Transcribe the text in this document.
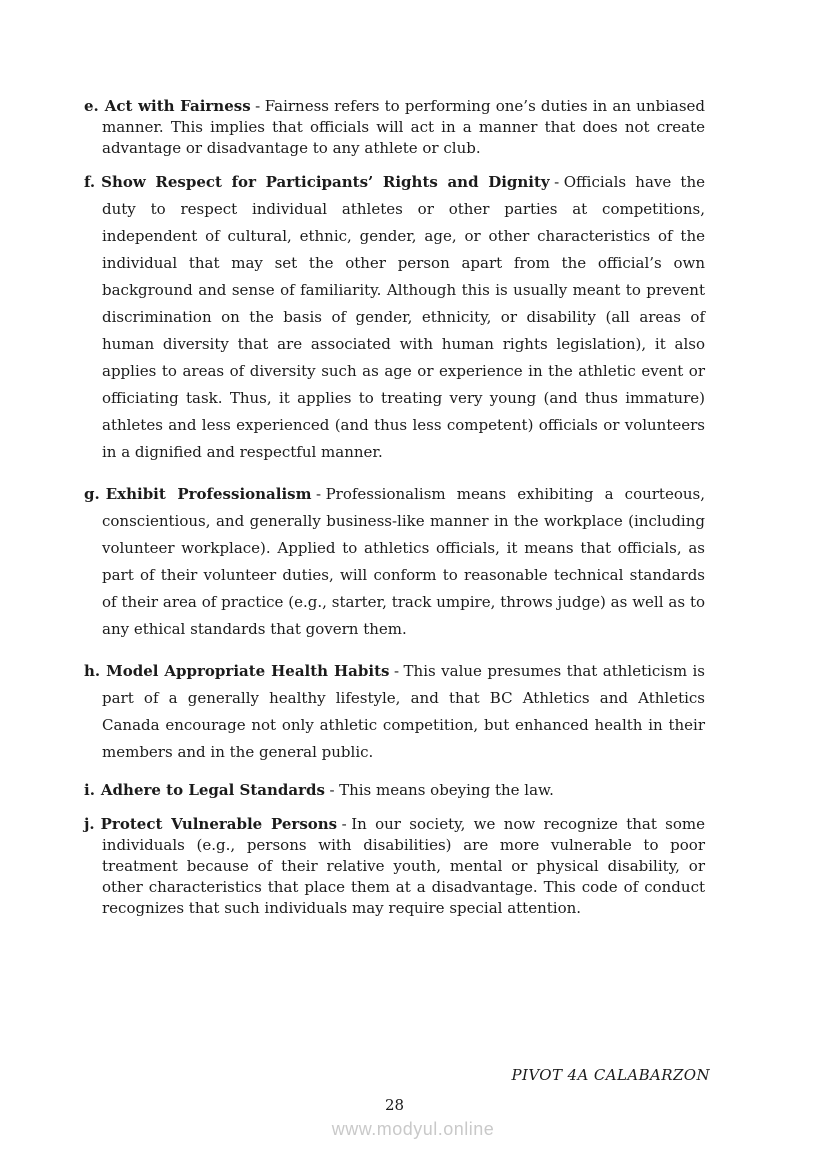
e. Act with Fairness - Fairness refers to performing one’s duties in an unbiased manner. This implies that officials will act in a manner that does not create advantage or disadvantage to any athlete or club.

f. Show Respect for Participants’ Rights and Dignity - Officials have the duty to respect individual athletes or other parties at competitions, independent of cultural, ethnic, gender, age, or other characteristics of the individual that may set the other person apart from the official’s own background and sense of familiarity. Although this is usually meant to prevent discrimination on the basis of gender, ethnicity, or disability (all areas of human diversity that are associated with human rights legislation), it also applies to areas of diversity such as age or experience in the athletic event or officiating task. Thus, it applies to treating very young (and thus immature) athletes and less experienced (and thus less competent) officials or volunteers in a dignified and respectful manner.

g. Exhibit Professionalism - Professionalism means exhibiting a courteous, conscientious, and generally business-like manner in the workplace (including volunteer workplace). Applied to athletics officials, it means that officials, as part of their volunteer duties, will conform to reasonable technical standards of their area of practice (e.g., starter, track umpire, throws judge) as well as to any ethical standards that govern them.

h. Model Appropriate Health Habits - This value presumes that athleticism is part of a generally healthy lifestyle, and that BC Athletics and Athletics Canada encourage not only athletic competition, but enhanced health in their members and in the general public.

i. Adhere to Legal Standards - This means obeying the law.

j. Protect Vulnerable Persons - In our society, we now recognize that some individuals (e.g., persons with disabilities) are more vulnerable to poor treatment because of their relative youth, mental or physical disability, or other characteristics that place them at a disadvantage. This code of conduct recognizes that such individuals may require special attention.

PIVOT 4A CALABARZON
28
www.modyul.online
